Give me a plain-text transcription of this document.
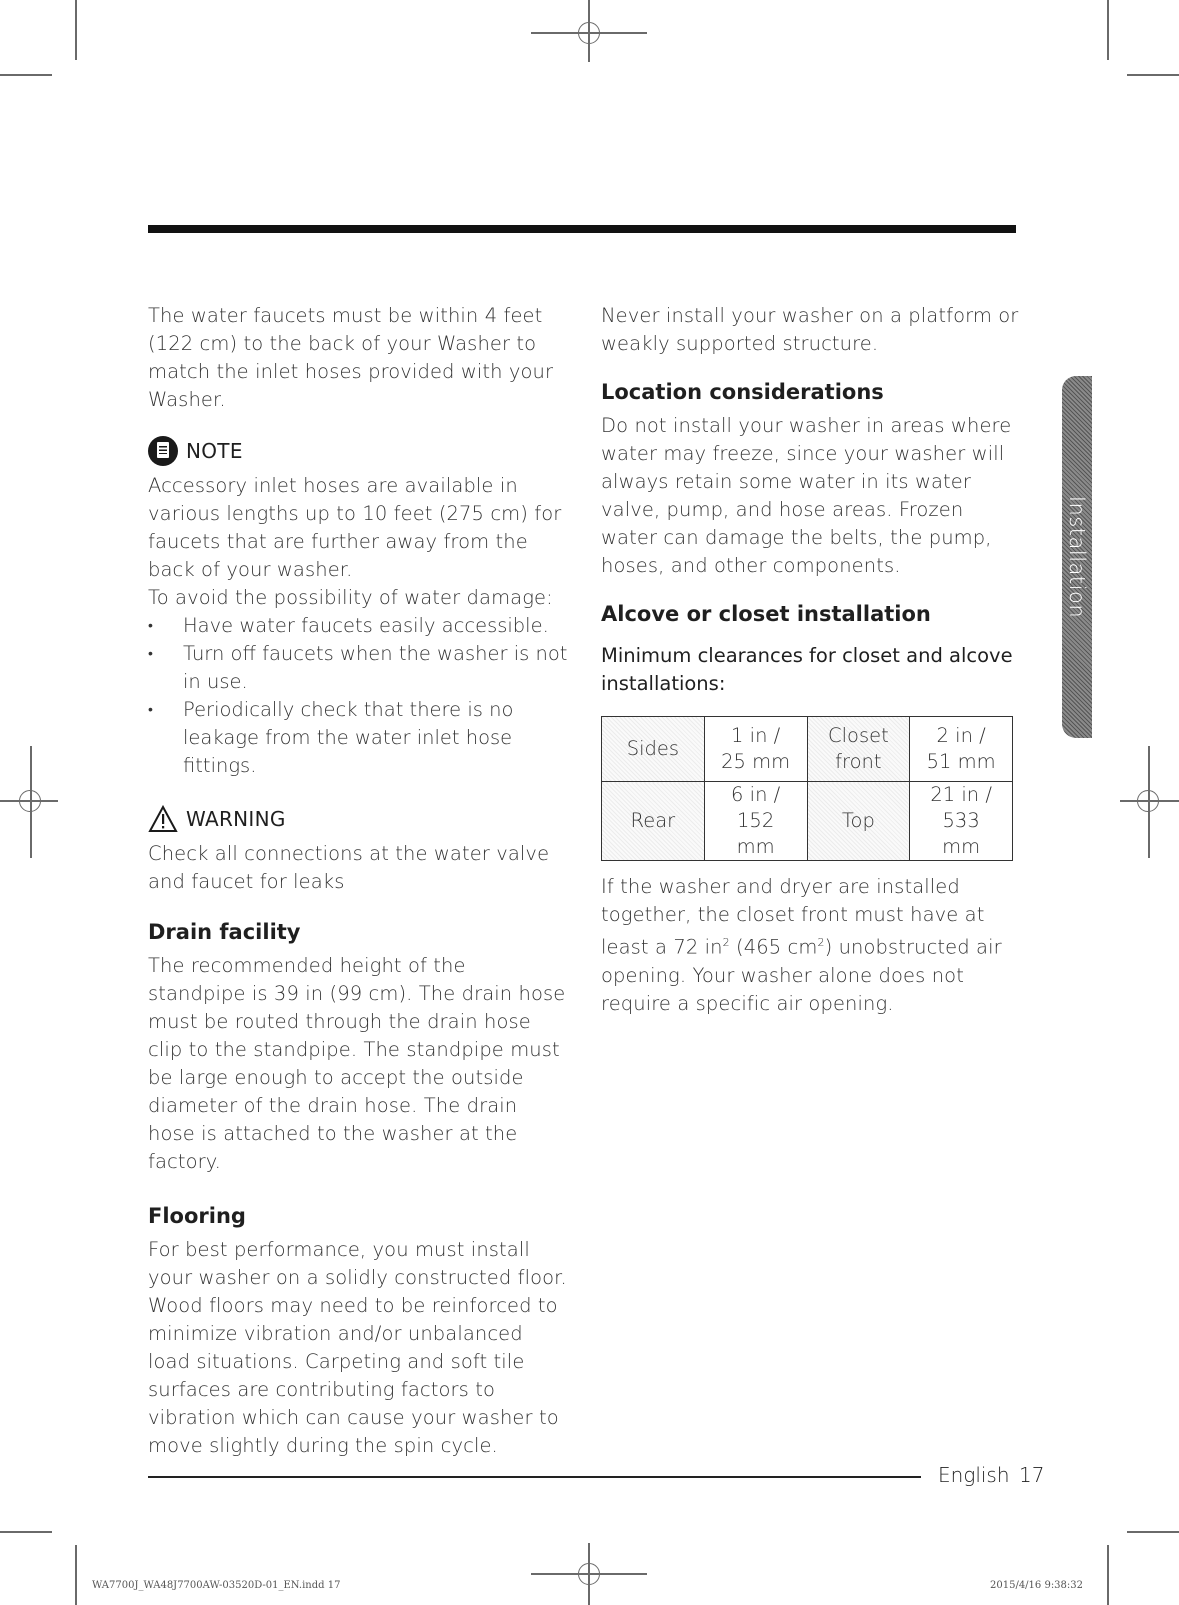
The water faucets must be within 4 feet (122 cm) to the back of your Washer to match the inlet hoses provided with your Washer.

NOTE

Accessory inlet hoses are available in various lengths up to 10 feet (275 cm) for faucets that are further away from the back of your washer.

To avoid the possibility of water damage:

• Have water faucets easily accessible.
• Turn off faucets when the washer is not in use.
• Periodically check that there is no leakage from the water inlet hose fittings.
WARNING

Check all connections at the water valve and faucet for leaks

Drain facility

The recommended height of the standpipe is 39 in (99 cm). The drain hose must be routed through the drain hose clip to the standpipe. The standpipe must be large enough to accept the outside diameter of the drain hose. The drain hose is attached to the washer at the factory.

Flooring

For best performance, you must install your washer on a solidly constructed floor. Wood floors may need to be reinforced to minimize vibration and/or unbalanced load situations. Carpeting and soft tile surfaces are contributing factors to vibration which can cause your washer to move slightly during the spin cycle.

Never install your washer on a platform or weakly supported structure.

Location considerations

Do not install your washer in areas where water may freeze, since your washer will always retain some water in its water valve, pump, and hose areas. Frozen water can damage the belts, the pump, hoses, and other components.

Alcove or closet installation

Minimum clearances for closet and alcove installations:

Sides	1 in / 25 mm	Closet front	2 in / 51 mm
Rear	6 in / 152 mm	Top	21 in / 533 mm

If the washer and dryer are installed together, the closet front must have at least a 72 $in^2$ (465 $cm^2$) unobstructed air opening. Your washer alone does not require a specific air opening.

Installation
English 17
WA7700J_WA48J7700AW-03520D-01_EN.indd 17	2015/4/16 9:38:32
